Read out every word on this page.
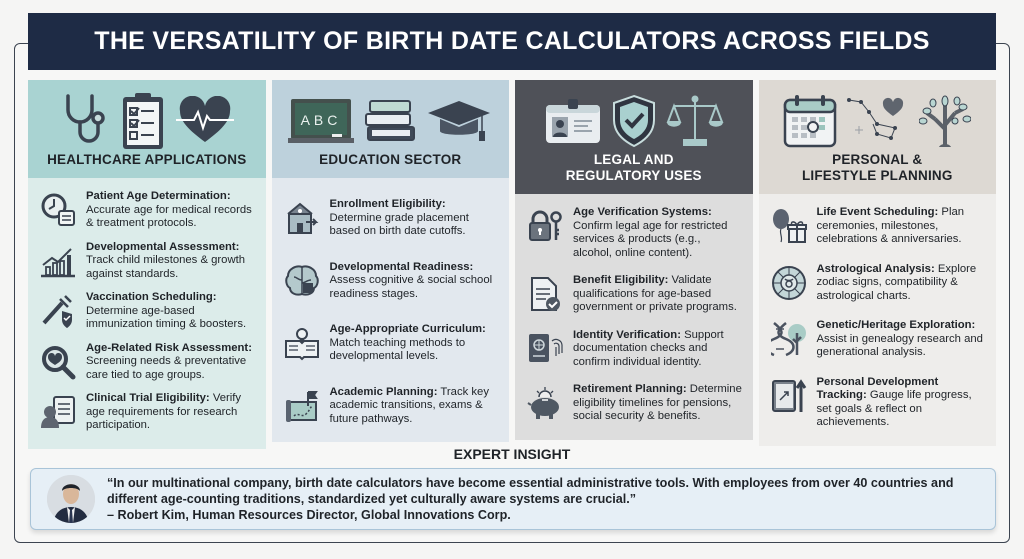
THE VERSATILITY OF BIRTH DATE CALCULATORS ACROSS FIELDS
HEALTHCARE APPLICATIONS
Patient Age Determination: Accurate age for medical records & treatment protocols.
Developmental Assessment: Track child milestones & growth against standards.
Vaccination Scheduling: Determine age-based immunization timing & boosters.
Age-Related Risk Assessment: Screening needs & preventative care tied to age groups.
Clinical Trial Eligibility: Verify age requirements for research participation.
ABC
EDUCATION SECTOR
Enrollment Eligibility: Determine grade placement based on birth date cutoffs.
Developmental Readiness: Assess cognitive & social school readiness stages.
Age-Appropriate Curriculum: Match teaching methods to developmental levels.
Academic Planning: Track key academic transitions, exams & future pathways.
LEGAL AND REGULATORY USES
Age Verification Systems: Confirm legal age for restricted services & products (e.g., alcohol, online content).
Benefit Eligibility: Validate qualifications for age-based government or private programs.
Identity Verification: Support documentation checks and confirm individual identity.
Retirement Planning: Determine eligibility timelines for pensions, social security & benefits.
PERSONAL & LIFESTYLE PLANNING
Life Event Scheduling: Plan ceremonies, milestones, celebrations & anniversaries.
Astrological Analysis: Explore zodiac signs, compatibility & astrological charts.
Genetic/Heritage Exploration: Assist in genealogy research and generational analysis.
Personal Development Tracking: Gauge life progress, set goals & reflect on achievements.
EXPERT INSIGHT
“In our multinational company, birth date calculators have become essential administrative tools. With employees from over 40 countries and different age-counting traditions, standardized yet culturally aware systems are crucial.”
– Robert Kim, Human Resources Director, Global Innovations Corp.
